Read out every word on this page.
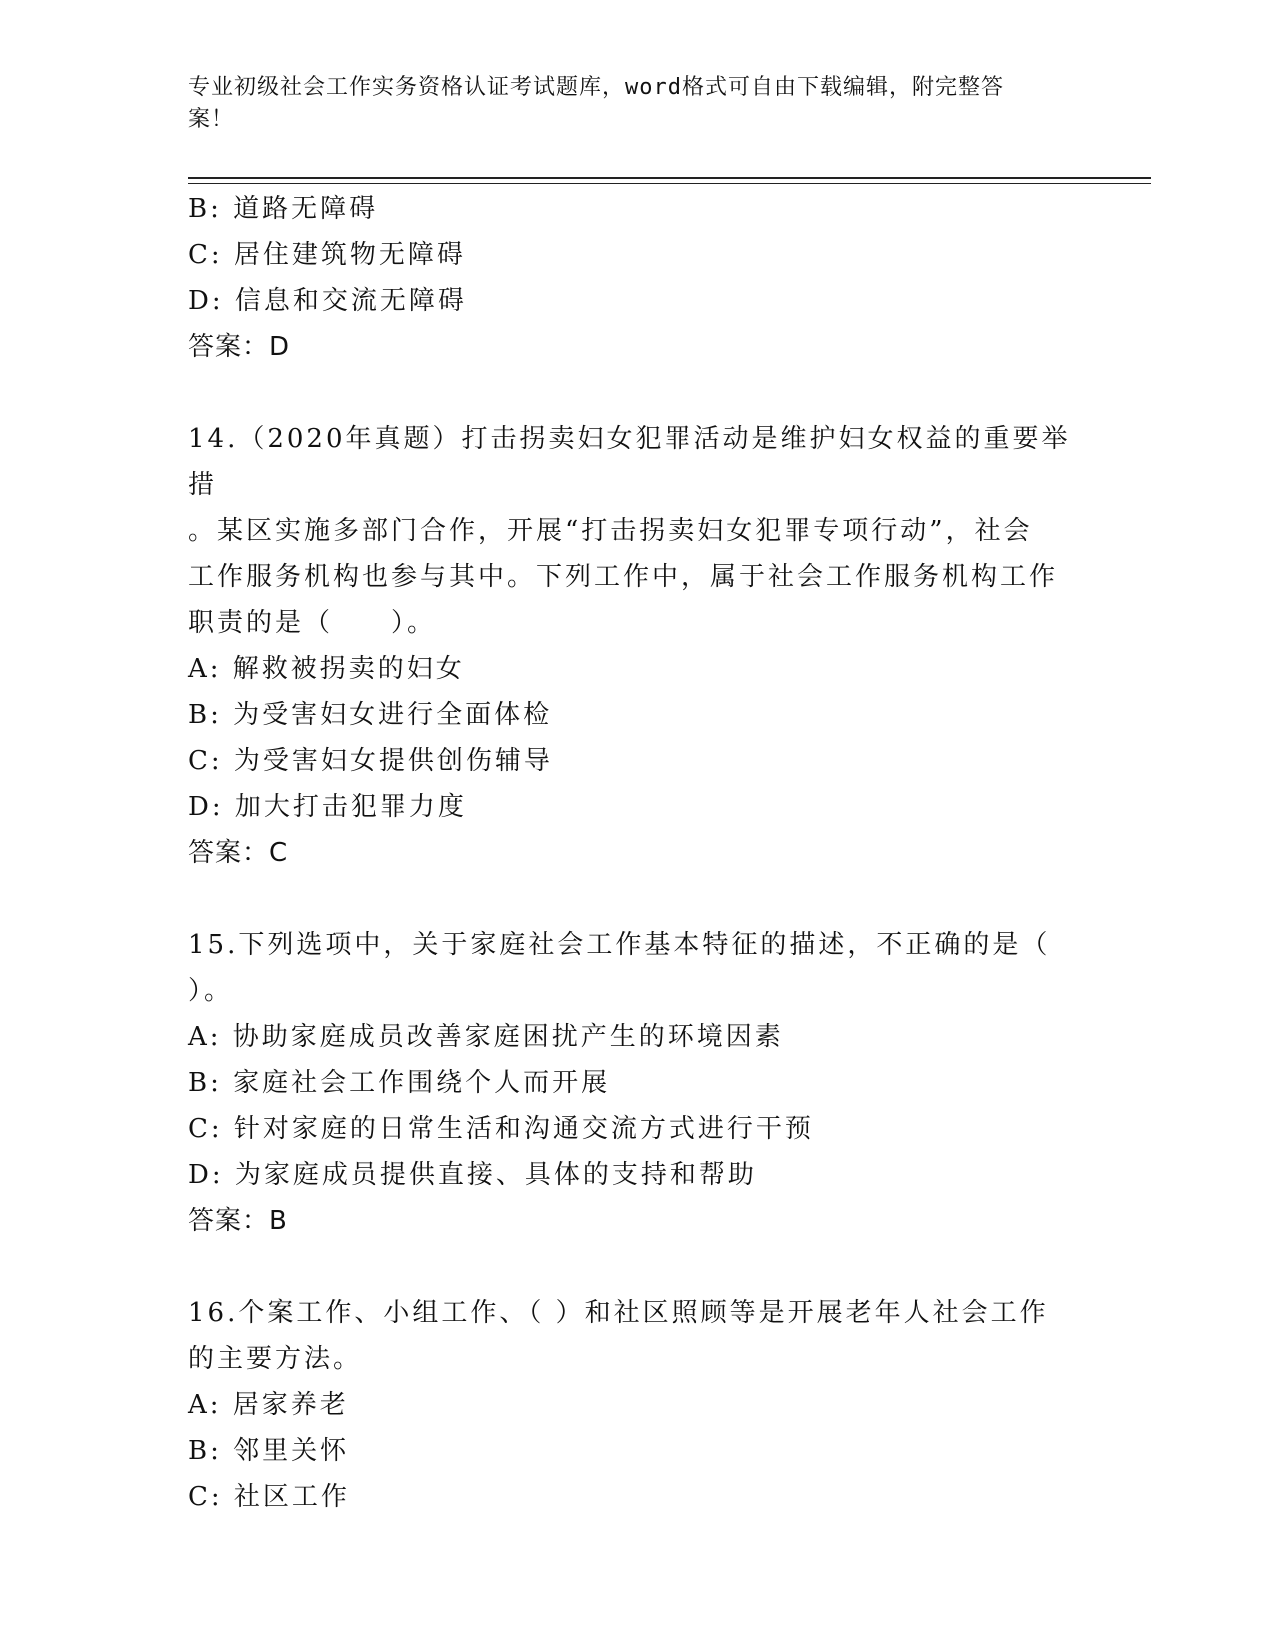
专业初级社会工作实务资格认证考试题库，word格式可自由下载编辑，附完整答
案！
B: 道路无障碍
C: 居住建筑物无障碍
D: 信息和交流无障碍
答案：D
14.（2020年真题）打击拐卖妇女犯罪活动是维护妇女权益的重要举措
。某区实施多部门合作，开展“打击拐卖妇女犯罪专项行动”，社会
工作服务机构也参与其中。下列工作中，属于社会工作服务机构工作
职责的是（　　）。
A: 解救被拐卖的妇女
B: 为受害妇女进行全面体检
C: 为受害妇女提供创伤辅导
D: 加大打击犯罪力度
答案：C
15.下列选项中，关于家庭社会工作基本特征的描述，不正确的是（
）。
A: 协助家庭成员改善家庭困扰产生的环境因素
B: 家庭社会工作围绕个人而开展
C: 针对家庭的日常生活和沟通交流方式进行干预
D: 为家庭成员提供直接、具体的支持和帮助
答案：B
16.个案工作、小组工作、（ ）和社区照顾等是开展老年人社会工作
的主要方法。
A: 居家养老
B: 邻里关怀
C: 社区工作
